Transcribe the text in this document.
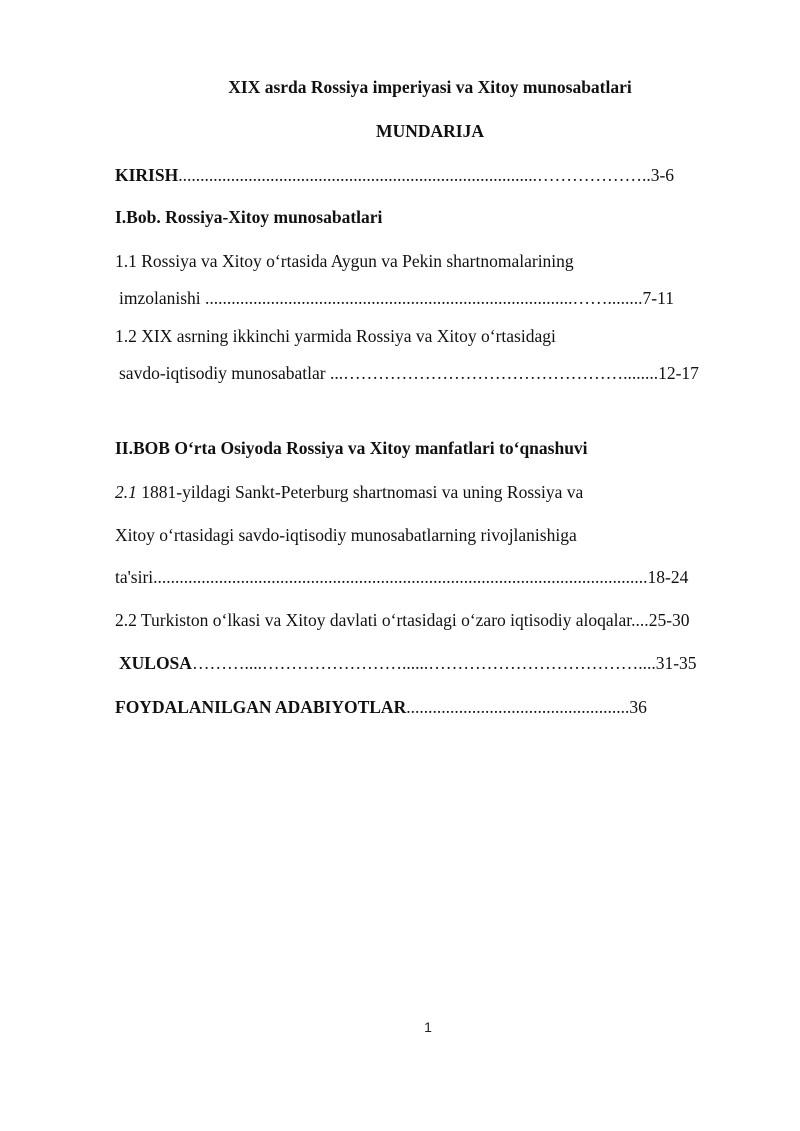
XIX asrda Rossiya imperiyasi va Xitoy munosabatlari
MUNDARIJA
KIRISH..................................................................................………………..3-6
I.Bob. Rossiya-Xitoy munosabatlari
1.1 Rossiya va Xitoy oʻrtasida Aygun va Pekin shartnomalarining
imzolanishi ....................................................................................……........7-11
1.2 XIX asrning ikkinchi yarmida Rossiya va Xitoy oʻrtasidagi
savdo-iqtisodiy munosabatlar ...…………………………………………........12-17
II.BOB Oʻrta Osiyoda Rossiya va Xitoy manfatlari toʻqnashuvi
2.1 1881-yildagi Sankt-Peterburg shartnomasi va uning Rossiya va
Xitoy oʻrtasidagi savdo-iqtisodiy munosabatlarning rivojlanishiga
ta'siri.................................................................................................................18-24
2.2 Turkiston oʻlkasi va Xitoy davlati oʻrtasidagi oʻzaro iqtisodiy aloqalar....25-30
XULOSA………....……………………......………………………………....31-35
FOYDALANILGAN ADABIYOTLAR...................................................36
1
